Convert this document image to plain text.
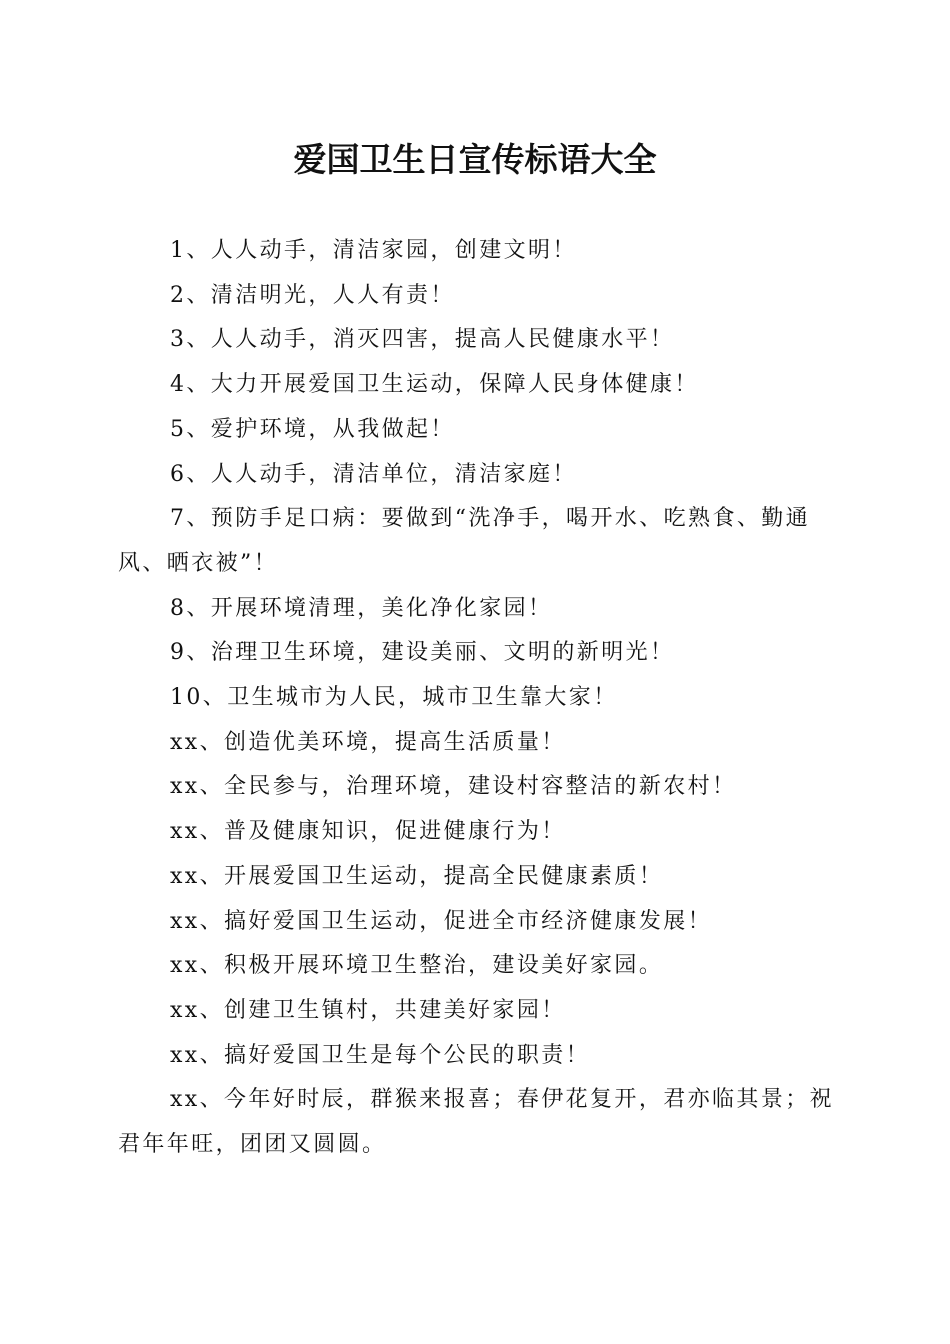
爱国卫生日宣传标语大全

1、人人动手，清洁家园，创建文明！

2、清洁明光，人人有责！

3、人人动手，消灭四害，提高人民健康水平！

4、大力开展爱国卫生运动，保障人民身体健康！

5、爱护环境，从我做起！

6、人人动手，清洁单位，清洁家庭！

7、预防手足口病：要做到“洗净手，喝开水、吃熟食、勤通风、晒衣被”！

8、开展环境清理，美化净化家园！

9、治理卫生环境，建设美丽、文明的新明光！

10、卫生城市为人民，城市卫生靠大家！

xx、创造优美环境，提高生活质量！

xx、全民参与，治理环境，建设村容整洁的新农村！

xx、普及健康知识，促进健康行为！

xx、开展爱国卫生运动，提高全民健康素质！

xx、搞好爱国卫生运动，促进全市经济健康发展！

xx、积极开展环境卫生整治，建设美好家园。

xx、创建卫生镇村，共建美好家园！

xx、搞好爱国卫生是每个公民的职责！

xx、今年好时辰，群猴来报喜；春伊花复开，君亦临其景；祝君年年旺，团团又圆圆。
